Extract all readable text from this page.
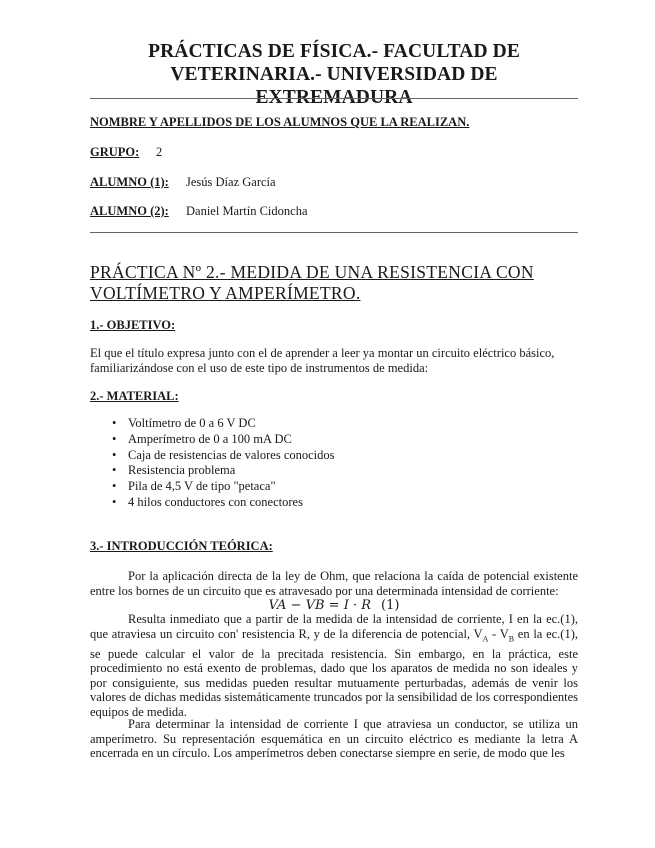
PRÁCTICAS DE FÍSICA.- FACULTAD DE
VETERINARIA.- UNIVERSIDAD DE EXTREMADURA
NOMBRE Y APELLIDOS DE LOS ALUMNOS QUE LA REALIZAN.
GRUPO: 2
ALUMNO (1): Jesús Díaz García
ALUMNO (2): Daniel Martín Cidoncha
PRÁCTICA Nº 2.- MEDIDA DE UNA RESISTENCIA CON
VOLTÍMETRO Y AMPERÍMETRO.
1.- OBJETIVO:
El que el título expresa junto con el de aprender a leer ya montar un circuito eléctrico básico, familiarizándose con el uso de este tipo de instrumentos de medida:
2.- MATERIAL:
• Voltímetro de 0 a 6 V DC
• Amperímetro de 0 a 100 mA DC
• Caja de resistencias de valores conocidos
• Resistencia problema
• Pila de 4,5 V de tipo "petaca"
• 4 hilos conductores con conectores
3.- INTRODUCCIÓN TEÓRICA:
Por la aplicación directa de la ley de Ohm, que relaciona la caída de potencial existente entre los bornes de un circuito que es atravesado por una determinada intensidad de corriente:
VA − VB = I · R (1)
Resulta inmediato que a partir de la medida de la intensidad de corriente, I en la ec.(1), que atraviesa un circuito con' resistencia R, y de la diferencia de potencial, $V_A - V_B$ en la ec.(1), se puede calcular el valor de la precitada resistencia. Sin embargo, en la práctica, este procedimiento no está exento de problemas, dado que los aparatos de medida no son ideales y por consiguiente, sus medidas pueden resultar mutuamente perturbadas, además de venir los valores de dichas medidas sistemáticamente truncados por la sensibilidad de los correspondientes equipos de medida.
Para determinar la intensidad de corriente I que atraviesa un conductor, se utiliza un amperímetro. Su representación esquemática en un circuito eléctrico es mediante la letra A encerrada en un círculo. Los amperímetros deben conectarse siempre en serie, de modo que les
